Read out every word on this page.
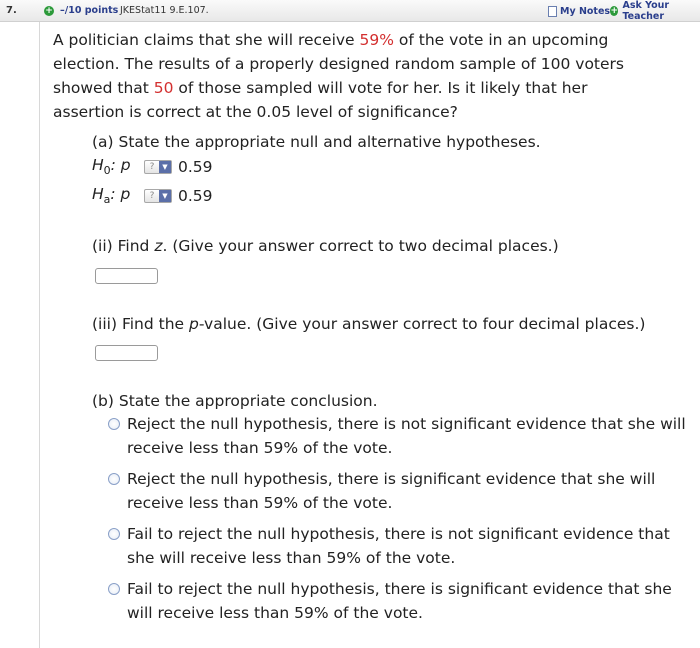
7.	+ –/10 points JKEStat11 9.E.107.	My Notes + Ask Your Teacher
A politician claims that she will receive 59% of the vote in an upcoming election. The results of a properly designed random sample of 100 voters showed that 50 of those sampled will vote for her. Is it likely that her assertion is correct at the 0.05 level of significance?
(a) State the appropriate null and alternative hypotheses.
$H_0$: p	?	▼ 0.59
$H_a$: p	?	▼ 0.59
(ii) Find z. (Give your answer correct to two decimal places.)
(iii) Find the p-value. (Give your answer correct to four decimal places.)
(b) State the appropriate conclusion.
Reject the null hypothesis, there is not significant evidence that she will receive less than 59% of the vote.
Reject the null hypothesis, there is significant evidence that she will receive less than 59% of the vote.
Fail to reject the null hypothesis, there is not significant evidence that she will receive less than 59% of the vote.
Fail to reject the null hypothesis, there is significant evidence that she will receive less than 59% of the vote.
